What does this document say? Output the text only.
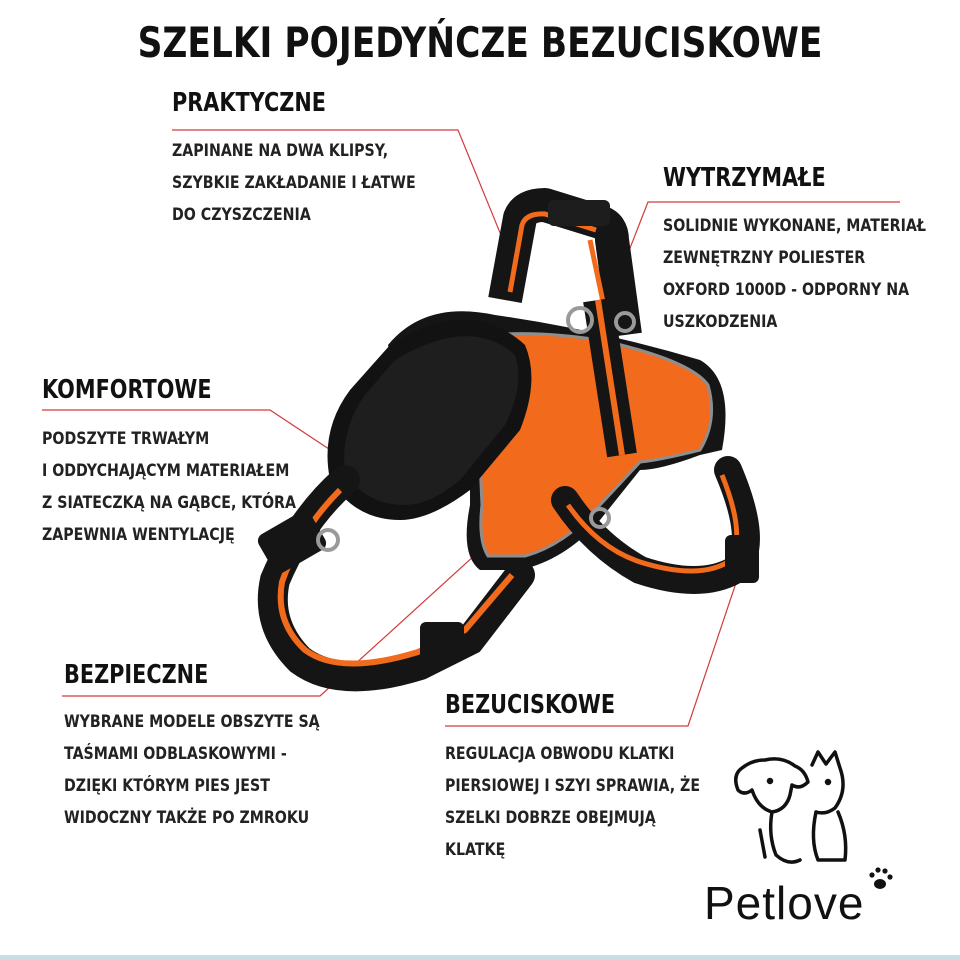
SZELKI POJEDYŃCZE BEZUCISKOWE
PRAKTYCZNE
ZAPINANE NA DWA KLIPSY,
SZYBKIE ZAKŁADANIE I ŁATWE
DO CZYSZCZENIA
WYTRZYMAŁE
SOLIDNIE WYKONANE, MATERIAŁ
ZEWNĘTRZNY POLIESTER
OXFORD 1000D - ODPORNY NA
USZKODZENIA
KOMFORTOWE
PODSZYTE TRWAŁYM
I ODDYCHAJĄCYM MATERIAŁEM
Z SIATECZKĄ NA GĄBCE, KTÓRA
ZAPEWNIA WENTYLACJĘ
BEZPIECZNE
WYBRANE MODELE OBSZYTE SĄ
TAŚMAMI ODBLASKOWYMI -
DZIĘKI KTÓRYM PIES JEST
WIDOCZNY TAKŻE PO ZMROKU
BEZUCISKOWE
REGULACJA OBWODU KLATKI
PIERSIOWEJ I SZYI SPRAWIA, ŻE
SZELKI DOBRZE OBEJMUJĄ
KLATKĘ
Petlove
